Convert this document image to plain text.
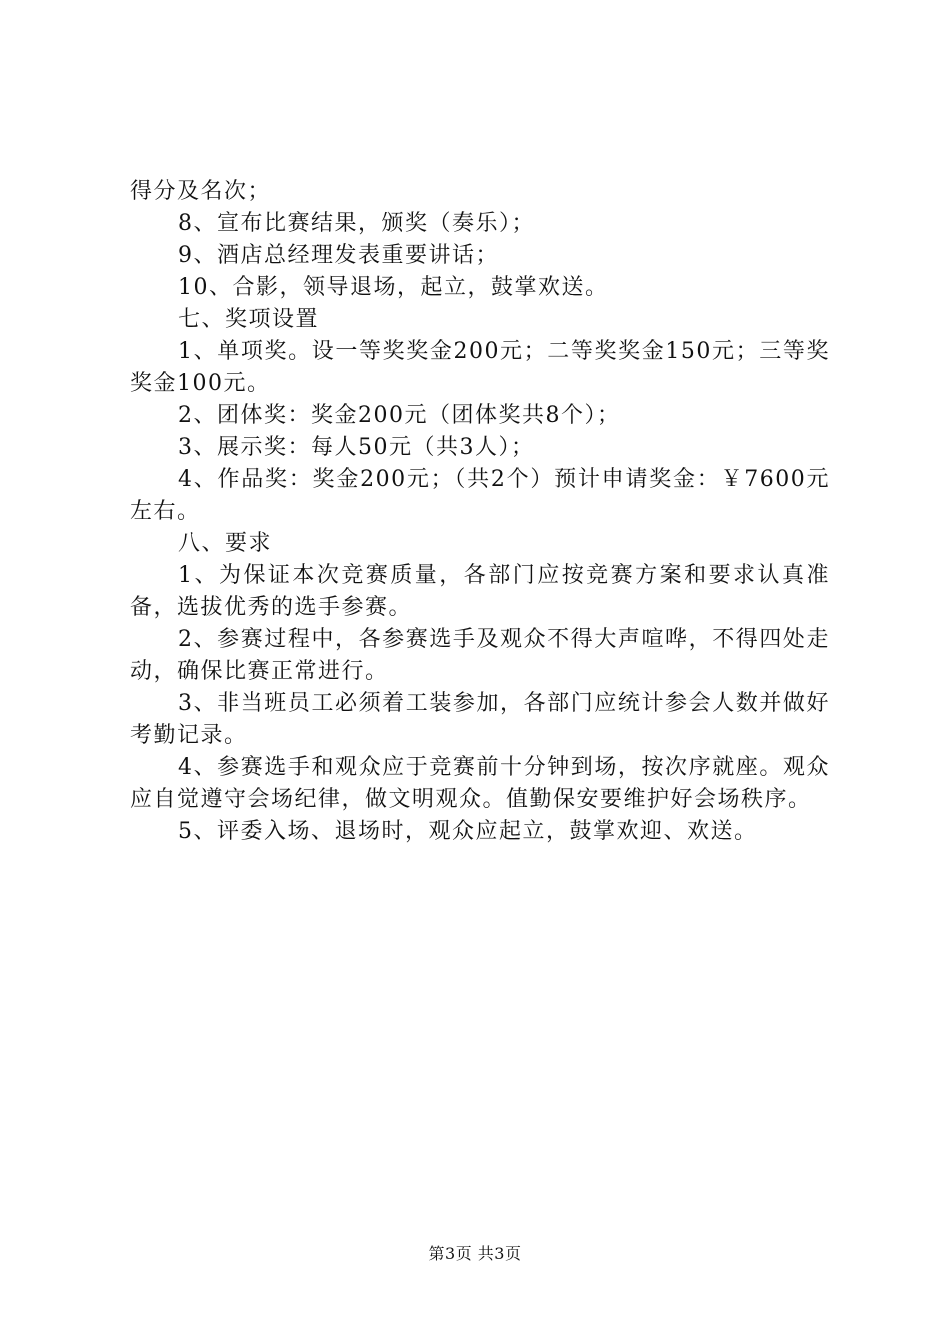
得分及名次；

8、宣布比赛结果，颁奖（奏乐）；

9、酒店总经理发表重要讲话；

10、合影，领导退场，起立，鼓掌欢送。

七、奖项设置

1、单项奖。设一等奖奖金200元；二等奖奖金150元；三等奖奖金100元。

2、团体奖：奖金200元（团体奖共8个）；

3、展示奖：每人50元（共3人）；

4、作品奖：奖金200元；（共2个）预计申请奖金：￥7600元左右。

八、要求

1、为保证本次竞赛质量，各部门应按竞赛方案和要求认真准备，选拔优秀的选手参赛。

2、参赛过程中，各参赛选手及观众不得大声喧哗，不得四处走动，确保比赛正常进行。

3、非当班员工必须着工装参加，各部门应统计参会人数并做好考勤记录。

4、参赛选手和观众应于竞赛前十分钟到场，按次序就座。观众应自觉遵守会场纪律，做文明观众。值勤保安要维护好会场秩序。

5、评委入场、退场时，观众应起立，鼓掌欢迎、欢送。

第3页 共3页
